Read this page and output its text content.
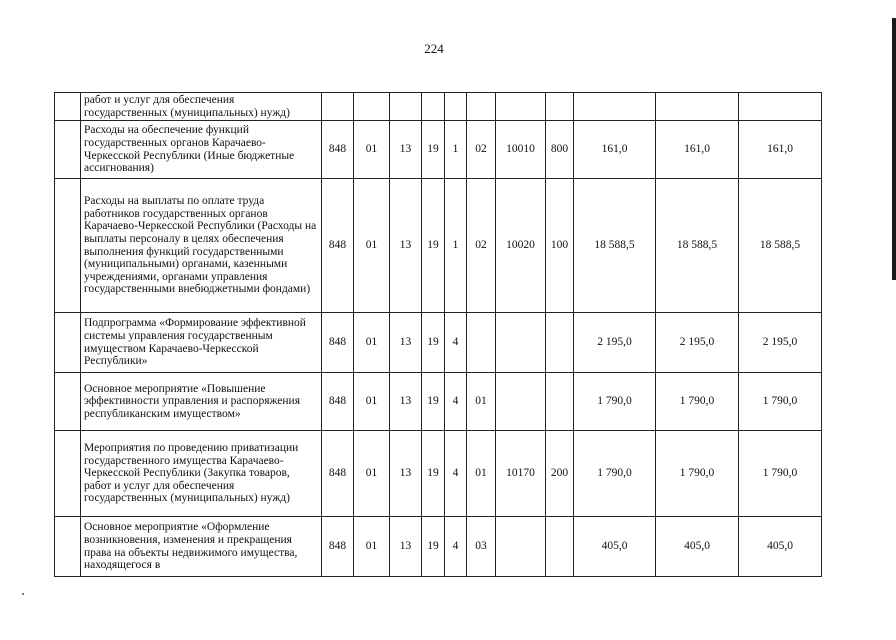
224
	работ и услуг для обеспечения государственных (муниципальных) нужд)											
	Расходы на обеспечение функций государственных органов Карачаево-Черкесской Республики (Иные бюджетные ассигнования)	848	01	13	19	1	02	10010	800	161,0	161,0	161,0
	Расходы на выплаты по оплате труда работников государственных органов Карачаево-Черкесской Республики (Расходы на выплаты персоналу в целях обеспечения выполнения функций государственными (муниципальными) органами, казенными учреждениями, органами управления государственными внебюджетными фондами)	848	01	13	19	1	02	10020	100	18 588,5	18 588,5	18 588,5
	Подпрограмма «Формирование эффективной системы управления государственным имуществом Карачаево-Черкесской Республики»	848	01	13	19	4				2 195,0	2 195,0	2 195,0
	Основное мероприятие «Повышение эффективности управления и распоряжения республиканским имуществом»	848	01	13	19	4	01			1 790,0	1 790,0	1 790,0
	Мероприятия по проведению приватизации государственного имущества Карачаево-Черкесской Республики (Закупка товаров, работ и услуг для обеспечения государственных (муниципальных) нужд)	848	01	13	19	4	01	10170	200	1 790,0	1 790,0	1 790,0
	Основное мероприятие «Оформление возникновения, изменения и прекращения права на объекты недвижимого имущества, находящегося в	848	01	13	19	4	03			405,0	405,0	405,0
